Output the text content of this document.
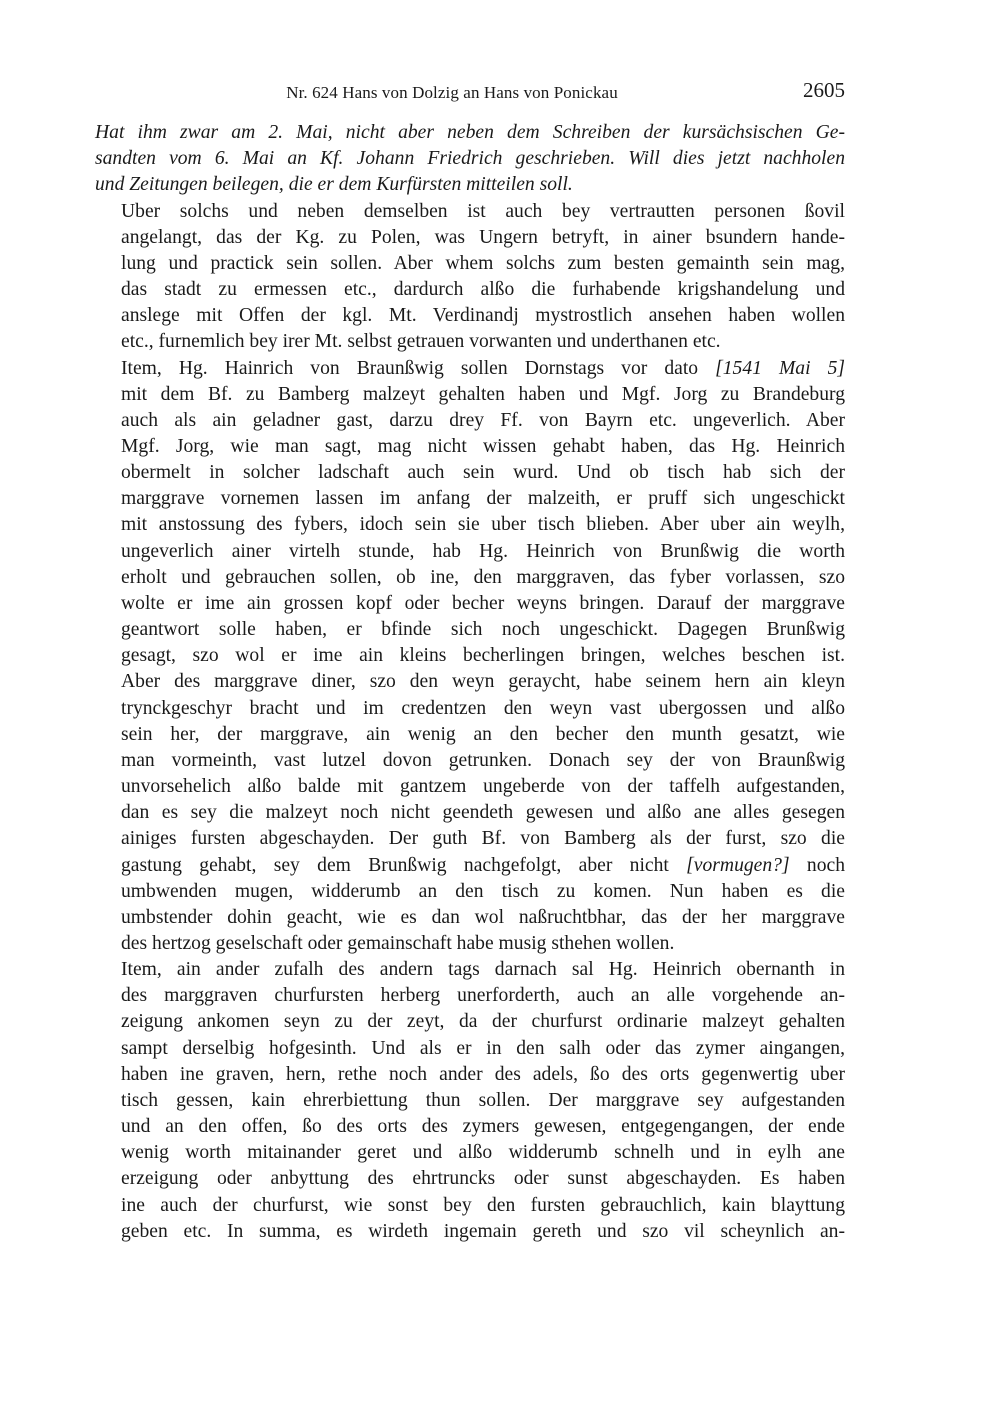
Nr. 624 Hans von Dolzig an Hans von Ponickau	2605
Hat ihm zwar am 2. Mai, nicht aber neben dem Schreiben der kursächsischen Ge-
sandten vom 6. Mai an Kf. Johann Friedrich geschrieben. Will dies jetzt nachholen
und Zeitungen beilegen, die er dem Kurfürsten mitteilen soll.
Uber solchs und neben demselben ist auch bey vertrautten personen ßovil
angelangt, das der Kg. zu Polen, was Ungern betryft, in ainer bsundern hande-
lung und practick sein sollen. Aber whem solchs zum besten gemainth sein mag,
das stadt zu ermessen etc., dardurch alßo die furhabende krigshandelung und
anslege mit Offen der kgl. Mt. Verdinandj mystrostlich ansehen haben wollen
etc., furnemlich bey irer Mt. selbst getrauen vorwanten und underthanen etc.
Item, Hg. Hainrich von Braunßwig sollen Dornstags vor dato [1541 Mai 5]
mit dem Bf. zu Bamberg malzeyt gehalten haben und Mgf. Jorg zu Brandeburg
auch als ain geladner gast, darzu drey Ff. von Bayrn etc. ungeverlich. Aber
Mgf. Jorg, wie man sagt, mag nicht wissen gehabt haben, das Hg. Heinrich
obermelt in solcher ladschaft auch sein wurd. Und ob tisch hab sich der
marggrave vornemen lassen im anfang der malzeith, er pruff sich ungeschickt
mit anstossung des fybers, idoch sein sie uber tisch blieben. Aber uber ain weylh,
ungeverlich ainer virtelh stunde, hab Hg. Heinrich von Brunßwig die worth
erholt und gebrauchen sollen, ob ine, den marggraven, das fyber vorlassen, szo
wolte er ime ain grossen kopf oder becher weyns bringen. Darauf der marggrave
geantwort solle haben, er bfinde sich noch ungeschickt. Dagegen Brunßwig
gesagt, szo wol er ime ain kleins becherlingen bringen, welches beschen ist.
Aber des marggrave diner, szo den weyn geraycht, habe seinem hern ain kleyn
trynckgeschyr bracht und im credentzen den weyn vast ubergossen und alßo
sein her, der marggrave, ain wenig an den becher den munth gesatzt, wie
man vormeinth, vast lutzel dovon getrunken. Donach sey der von Braunßwig
unvorsehelich alßo balde mit gantzem ungeberde von der taffelh aufgestanden,
dan es sey die malzeyt noch nicht geendeth gewesen und alßo ane alles gesegen
ainiges fursten abgeschayden. Der guth Bf. von Bamberg als der furst, szo die
gastung gehabt, sey dem Brunßwig nachgefolgt, aber nicht [vormugen?] noch
umbwenden mugen, widderumb an den tisch zu komen. Nun haben es die
umbstender dohin geacht, wie es dan wol naßruchtbhar, das der her marggrave
des hertzog geselschaft oder gemainschaft habe musig sthehen wollen.
Item, ain ander zufalh des andern tags darnach sal Hg. Heinrich obernanth in
des marggraven churfursten herberg unerforderth, auch an alle vorgehende an-
zeigung ankomen seyn zu der zeyt, da der churfurst ordinarie malzeyt gehalten
sampt derselbig hofgesinth. Und als er in den salh oder das zymer aingangen,
haben ine graven, hern, rethe noch ander des adels, ßo des orts gegenwertig uber
tisch gessen, kain ehrerbiettung thun sollen. Der marggrave sey aufgestanden
und an den offen, ßo des orts des zymers gewesen, entgegengangen, der ende
wenig worth mitainander geret und alßo widderumb schnelh und in eylh ane
erzeigung oder anbyttung des ehrtruncks oder sunst abgeschayden. Es haben
ine auch der churfurst, wie sonst bey den fursten gebrauchlich, kain blayttung
geben etc. In summa, es wirdeth ingemain gereth und szo vil scheynlich an-
